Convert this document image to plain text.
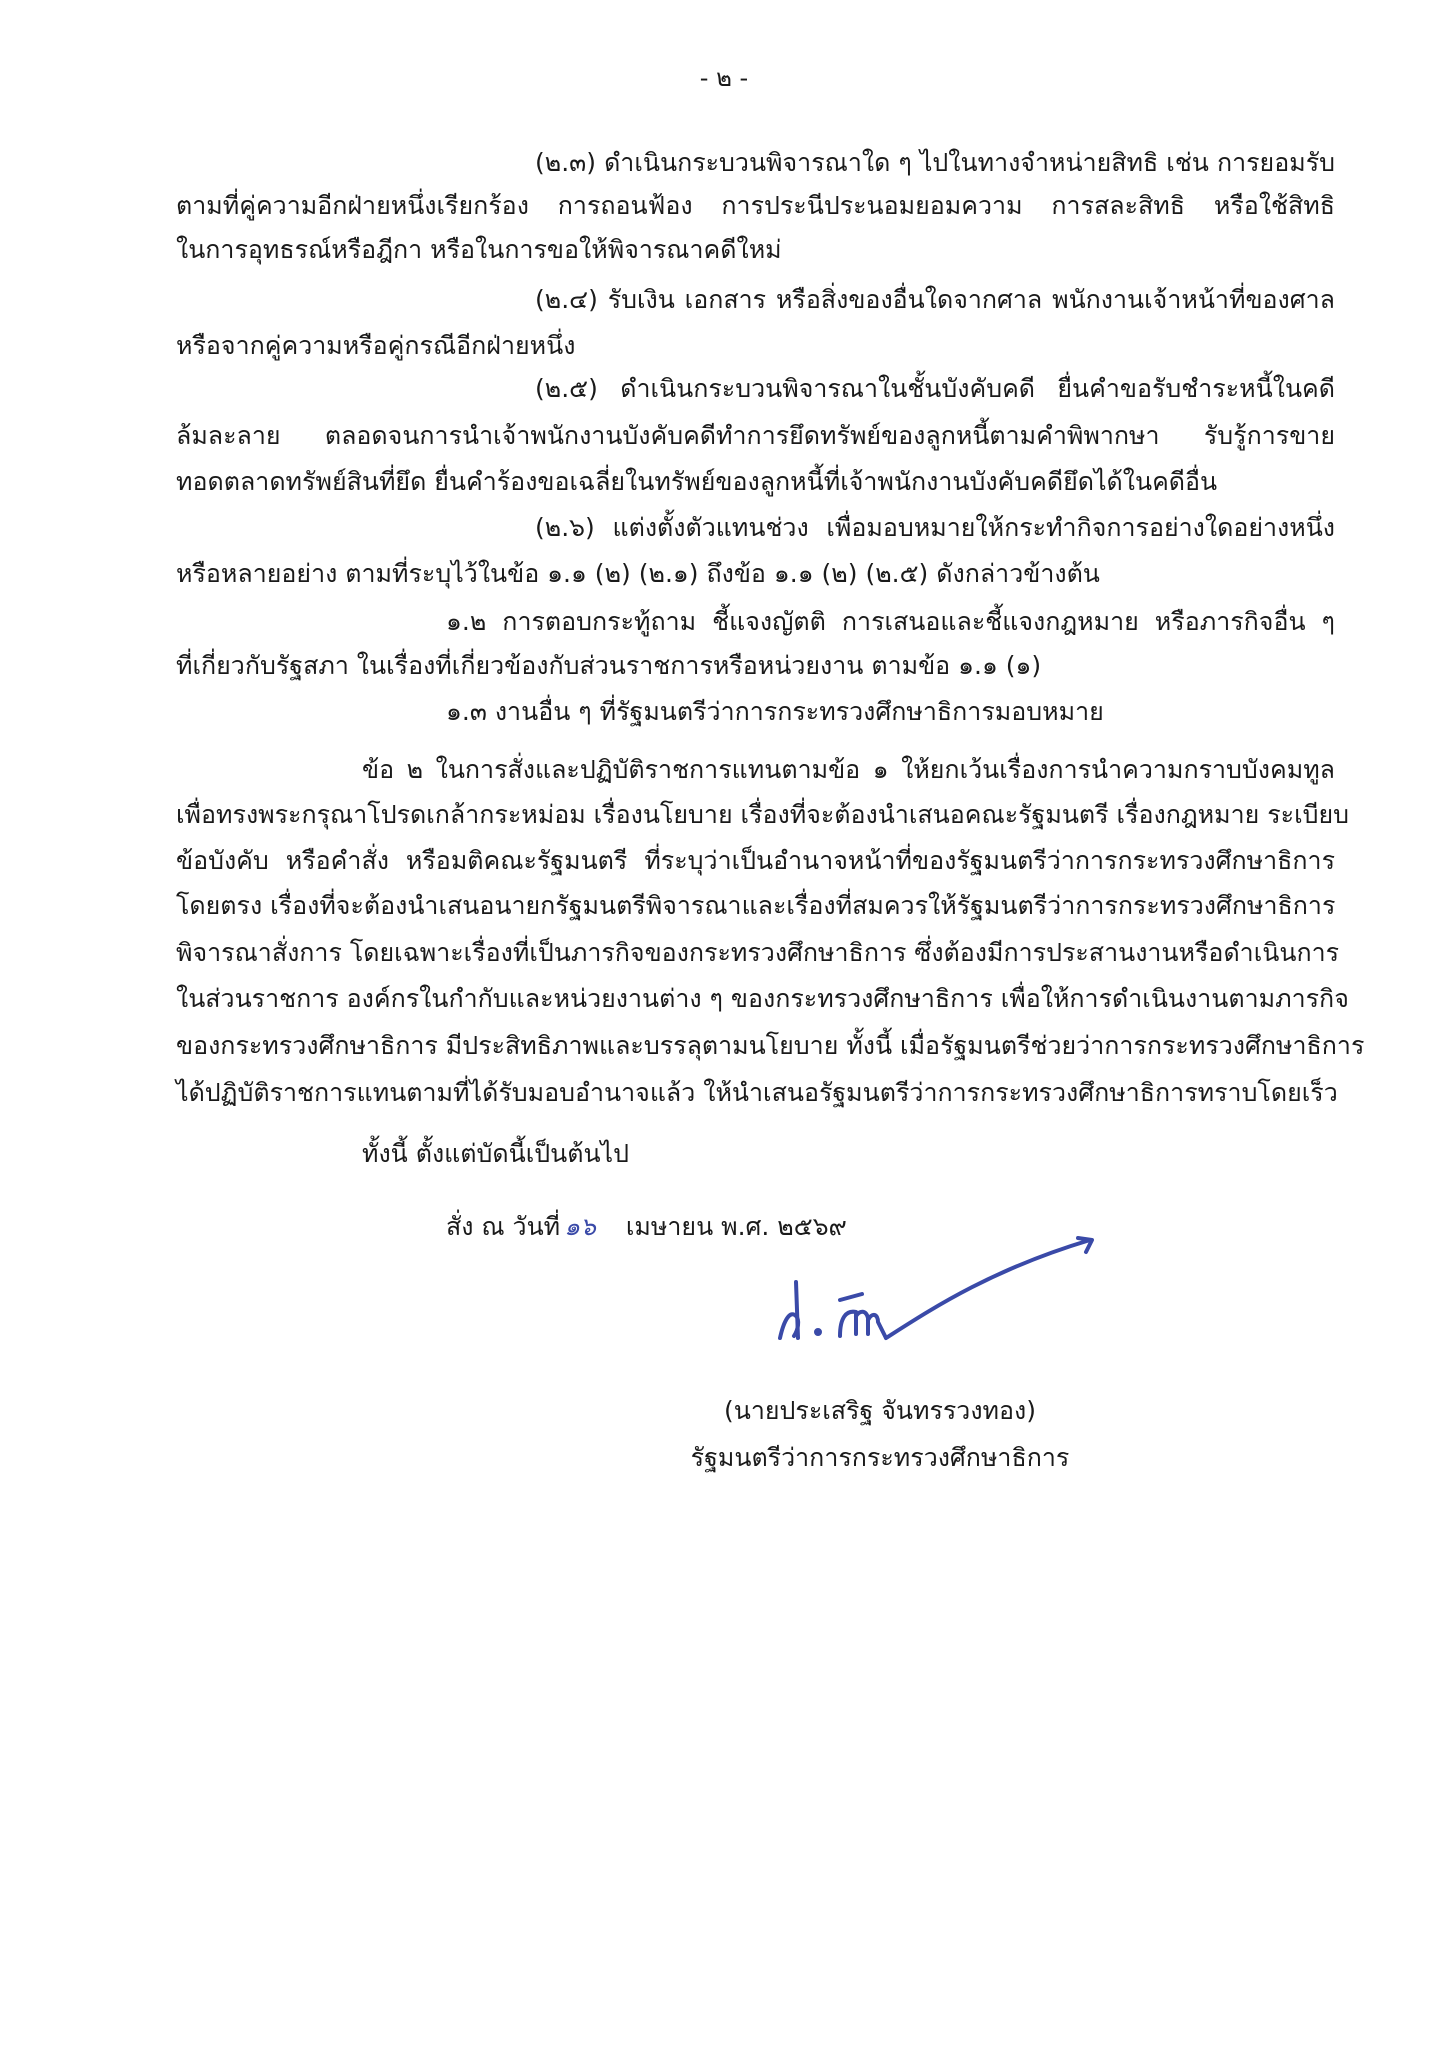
- ๒ -
(๒.๓) ดำเนินกระบวนพิจารณาใด ๆ ไปในทางจำหน่ายสิทธิ เช่น การยอมรับ
ตามที่คู่ความอีกฝ่ายหนึ่งเรียกร้อง การถอนฟ้อง การประนีประนอมยอมความ การสละสิทธิ หรือใช้สิทธิ
ในการอุทธรณ์หรือฎีกา หรือในการขอให้พิจารณาคดีใหม่
(๒.๔) รับเงิน เอกสาร หรือสิ่งของอื่นใดจากศาล พนักงานเจ้าหน้าที่ของศาล
หรือจากคู่ความหรือคู่กรณีอีกฝ่ายหนึ่ง
(๒.๕) ดำเนินกระบวนพิจารณาในชั้นบังคับคดี ยื่นคำขอรับชำระหนี้ในคดี
ล้มละลาย ตลอดจนการนำเจ้าพนักงานบังคับคดีทำการยึดทรัพย์ของลูกหนี้ตามคำพิพากษา รับรู้การขาย
ทอดตลาดทรัพย์สินที่ยึด ยื่นคำร้องขอเฉลี่ยในทรัพย์ของลูกหนี้ที่เจ้าพนักงานบังคับคดียึดได้ในคดีอื่น
(๒.๖) แต่งตั้งตัวแทนช่วง เพื่อมอบหมายให้กระทำกิจการอย่างใดอย่างหนึ่ง
หรือหลายอย่าง ตามที่ระบุไว้ในข้อ ๑.๑ (๒) (๒.๑) ถึงข้อ ๑.๑ (๒) (๒.๕) ดังกล่าวข้างต้น
๑.๒ การตอบกระทู้ถาม ชี้แจงญัตติ การเสนอและชี้แจงกฎหมาย หรือภารกิจอื่น ๆ
ที่เกี่ยวกับรัฐสภา ในเรื่องที่เกี่ยวข้องกับส่วนราชการหรือหน่วยงาน ตามข้อ ๑.๑ (๑)
๑.๓ งานอื่น ๆ ที่รัฐมนตรีว่าการกระทรวงศึกษาธิการมอบหมาย
ข้อ ๒ ในการสั่งและปฏิบัติราชการแทนตามข้อ ๑ ให้ยกเว้นเรื่องการนำความกราบบังคมทูล
เพื่อทรงพระกรุณาโปรดเกล้ากระหม่อม เรื่องนโยบาย เรื่องที่จะต้องนำเสนอคณะรัฐมนตรี เรื่องกฎหมาย ระเบียบ
ข้อบังคับ หรือคำสั่ง หรือมติคณะรัฐมนตรี ที่ระบุว่าเป็นอำนาจหน้าที่ของรัฐมนตรีว่าการกระทรวงศึกษาธิการ
โดยตรง เรื่องที่จะต้องนำเสนอนายกรัฐมนตรีพิจารณาและเรื่องที่สมควรให้รัฐมนตรีว่าการกระทรวงศึกษาธิการ
พิจารณาสั่งการ โดยเฉพาะเรื่องที่เป็นภารกิจของกระทรวงศึกษาธิการ ซึ่งต้องมีการประสานงานหรือดำเนินการ
ในส่วนราชการ องค์กรในกำกับและหน่วยงานต่าง ๆ ของกระทรวงศึกษาธิการ เพื่อให้การดำเนินงานตามภารกิจ
ของกระทรวงศึกษาธิการ มีประสิทธิภาพและบรรลุตามนโยบาย ทั้งนี้ เมื่อรัฐมนตรีช่วยว่าการกระทรวงศึกษาธิการ
ได้ปฏิบัติราชการแทนตามที่ได้รับมอบอำนาจแล้ว ให้นำเสนอรัฐมนตรีว่าการกระทรวงศึกษาธิการทราบโดยเร็ว
ทั้งนี้ ตั้งแต่บัดนี้เป็นต้นไป
สั่ง ณ วันที่ ๑๖ เมษายน พ.ศ. ๒๕๖๙
(นายประเสริฐ จันทรรวงทอง)
รัฐมนตรีว่าการกระทรวงศึกษาธิการ
